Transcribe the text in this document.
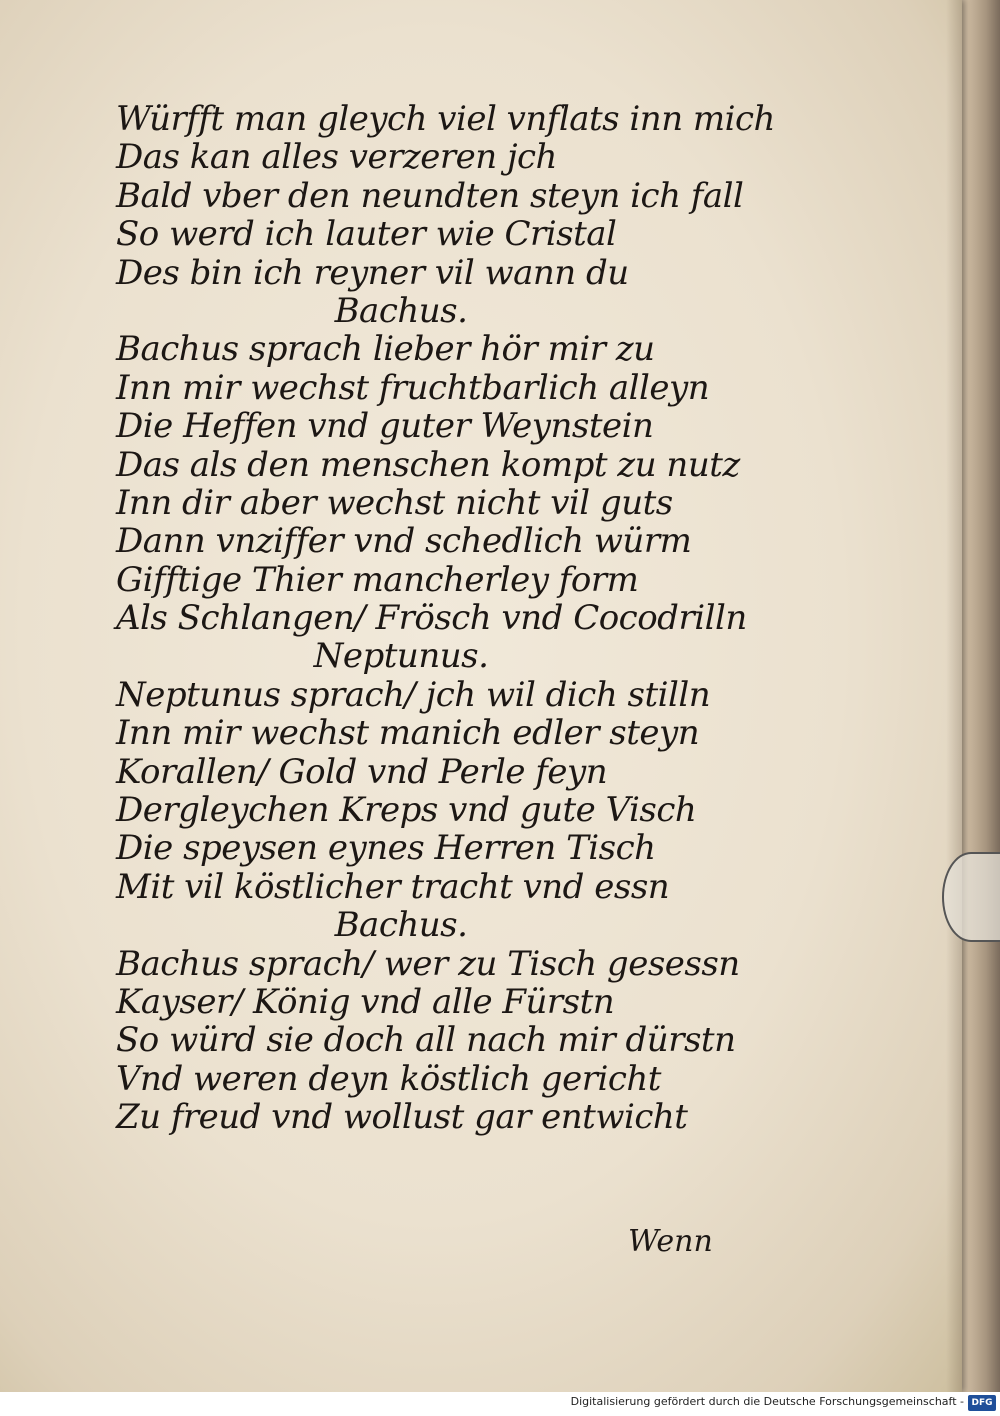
Würfft man gleych viel vnflats inn mich
Das kan alles verzeren jch
Bald vber den neundten steyn ich fall
So werd ich lauter wie Cristal
Des bin ich reyner vil wann du
Bachus.
Bachus sprach lieber hör mir zu
Inn mir wechst fruchtbarlich alleyn
Die Heffen vnd guter Weynstein
Das als den menschen kompt zu nutz
Inn dir aber wechst nicht vil guts
Dann vnziffer vnd schedlich würm
Gifftige Thier mancherley form
Als Schlangen/ Frösch vnd Cocodrilln
Neptunus.
Neptunus sprach/ jch wil dich stilln
Inn mir wechst manich edler steyn
Korallen/ Gold vnd Perle feyn
Dergleychen Kreps vnd gute Visch
Die speysen eynes Herren Tisch
Mit vil köstlicher tracht vnd essn
Bachus.
Bachus sprach/ wer zu Tisch gesessn
Kayser/ König vnd alle Fürstn
So würd sie doch all nach mir dürstn
Vnd weren deyn köstlich gericht
Zu freud vnd wollust gar entwicht
Wenn
Digitalisierung gefördert durch die Deutsche Forschungsgemeinschaft - DFG
